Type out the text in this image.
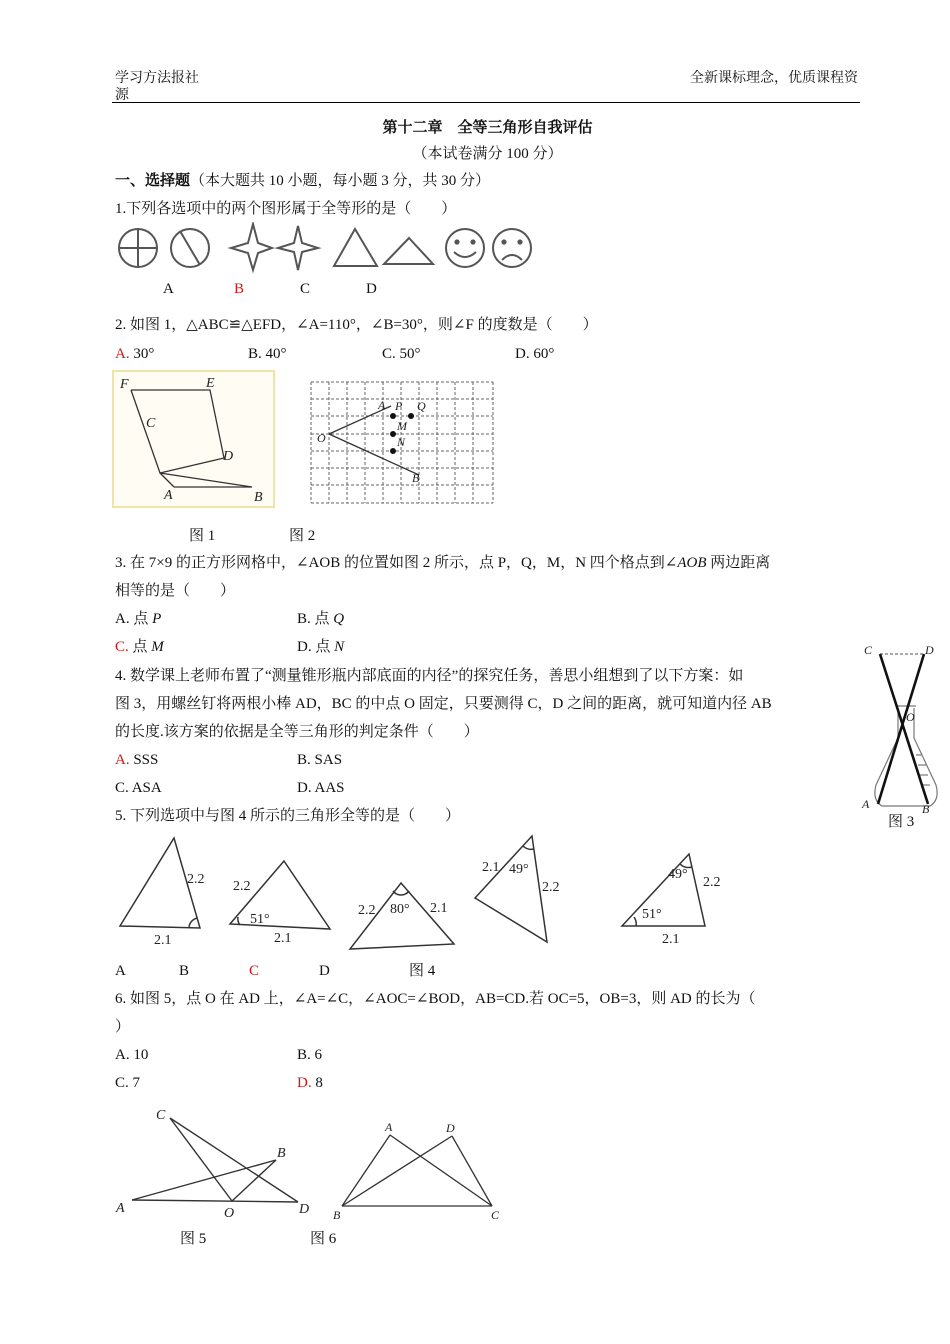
学习方法报社
源
全新课标理念，优质课程资
第十二章　全等三角形自我评估
（本试卷满分 100 分）
一、选择题（本大题共 10 小题，每小题 3 分，共 30 分）
1.下列各选项中的两个图形属于全等形的是（　　）
A	B	C	D
2. 如图 1，△ABC≌△EFD，∠A=110°，∠B=30°，则∠F 的度数是（　　）
A. 30°	B. 40°	C. 50°	D. 60°
F	E
C
D
A	B
A P Q
O
M
N
B
图 1	图 2
3. 在 7×9 的正方形网格中，∠AOB 的位置如图 2 所示，点 P，Q，M，N 四个格点到∠AOB 两边距离
相等的是（　　）
A. 点 P	B. 点 Q
C. 点 M	D. 点 N
4. 数学课上老师布置了“测量锥形瓶内部底面的内径”的探究任务，善思小组想到了以下方案：如
图 3，用螺丝钉将两根小棒 AD，BC 的中点 O 固定，只要测得 C，D 之间的距离，就可知道内径 AB
的长度.该方案的依据是全等三角形的判定条件（　　）
A. SSS	B. SAS
C. ASA	D. AAS
C	D
O
A	B
图 3
5. 下列选项中与图 4 所示的三角形全等的是（　　）
2.2
2.1
2.2
51°
2.1
2.2 80° 2.1
2.1 49°
2.2
49°
2.2
51°
2.1
A	B	C	D	图 4
6. 如图 5，点 O 在 AD 上，∠A=∠C，∠AOC=∠BOD，AB=CD.若 OC=5，OB=3，则 AD 的长为（
）
A. 10	B. 6
C. 7	D. 8
C
B
A	O	D
A	D
B	C
图 5	图 6
